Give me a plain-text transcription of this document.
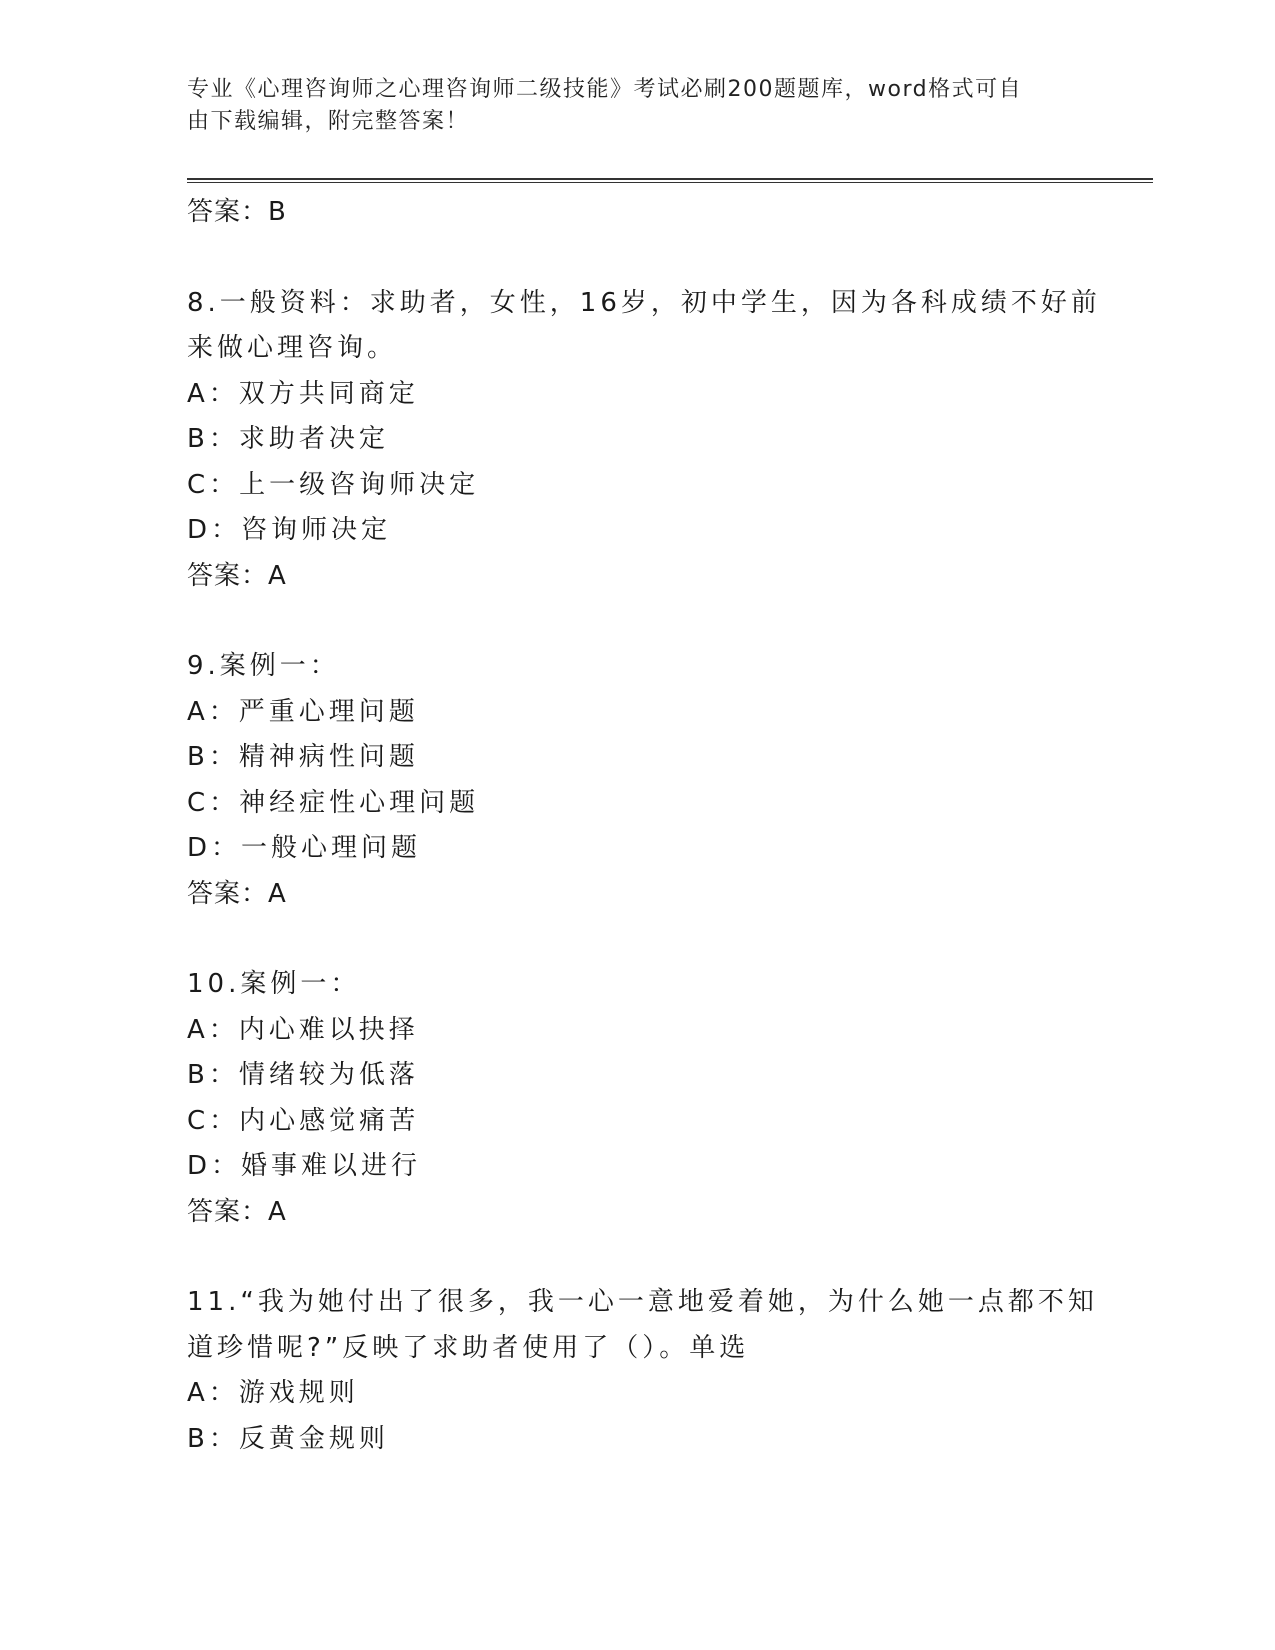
专业《心理咨询师之心理咨询师二级技能》考试必刷200题题库，word格式可自
由下载编辑，附完整答案！
答案：B
8.一般资料：求助者，女性，16岁，初中学生，因为各科成绩不好前
来做心理咨询。
A：双方共同商定
B：求助者决定
C：上一级咨询师决定
D：咨询师决定
答案：A
9.案例一：
A：严重心理问题
B：精神病性问题
C：神经症性心理问题
D：一般心理问题
答案：A
10.案例一：
A：内心难以抉择
B：情绪较为低落
C：内心感觉痛苦
D：婚事难以进行
答案：A
11.“我为她付出了很多，我一心一意地爱着她，为什么她一点都不知
道珍惜呢?”反映了求助者使用了（）。单选
A：游戏规则
B：反黄金规则
